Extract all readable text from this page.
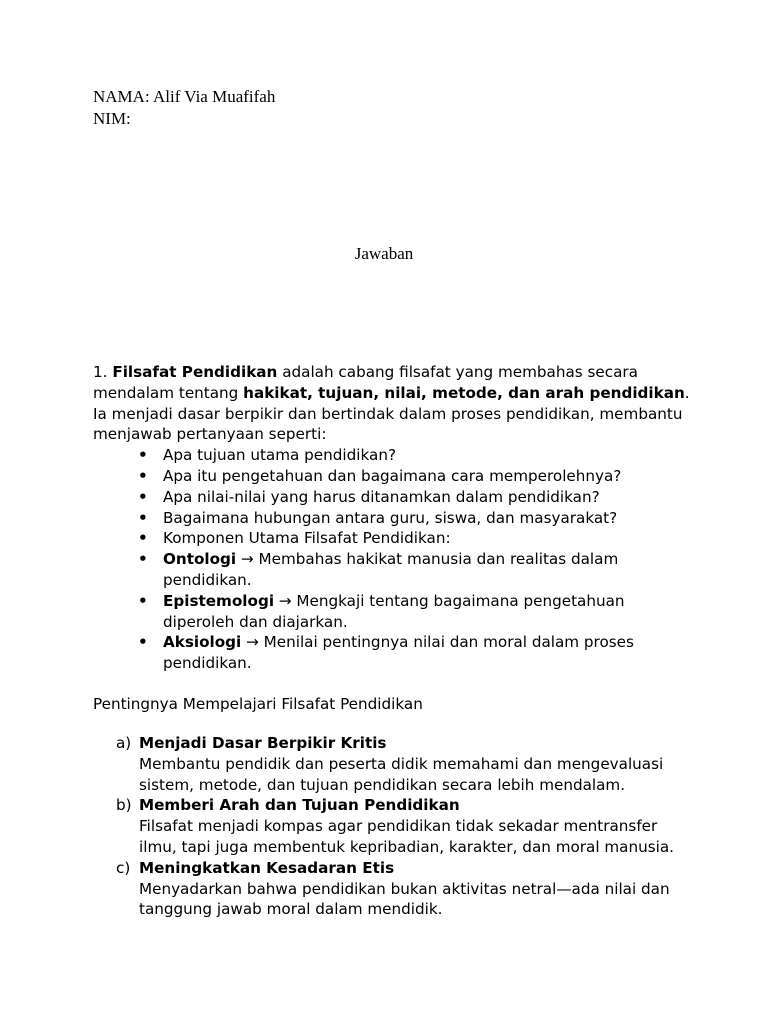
NAMA: Alif Via Muafifah
NIM:
Jawaban

1. Filsafat Pendidikan adalah cabang filsafat yang membahas secara mendalam tentang hakikat, tujuan, nilai, metode, dan arah pendidikan. Ia menjadi dasar berpikir dan bertindak dalam proses pendidikan, membantu menjawab pertanyaan seperti:

• Apa tujuan utama pendidikan?
• Apa itu pengetahuan dan bagaimana cara memperolehnya?
• Apa nilai-nilai yang harus ditanamkan dalam pendidikan?
• Bagaimana hubungan antara guru, siswa, dan masyarakat?
• Komponen Utama Filsafat Pendidikan:
• Ontologi → Membahas hakikat manusia dan realitas dalam pendidikan.
• Epistemologi → Mengkaji tentang bagaimana pengetahuan diperoleh dan diajarkan.
• Aksiologi → Menilai pentingnya nilai dan moral dalam proses pendidikan.
Pentingnya Mempelajari Filsafat Pendidikan
a) Menjadi Dasar Berpikir Kritis
Membantu pendidik dan peserta didik memahami dan mengevaluasi sistem, metode, dan tujuan pendidikan secara lebih mendalam.
b) Memberi Arah dan Tujuan Pendidikan
Filsafat menjadi kompas agar pendidikan tidak sekadar mentransfer ilmu, tapi juga membentuk kepribadian, karakter, dan moral manusia.
c) Meningkatkan Kesadaran Etis
Menyadarkan bahwa pendidikan bukan aktivitas netral—ada nilai dan tanggung jawab moral dalam mendidik.
